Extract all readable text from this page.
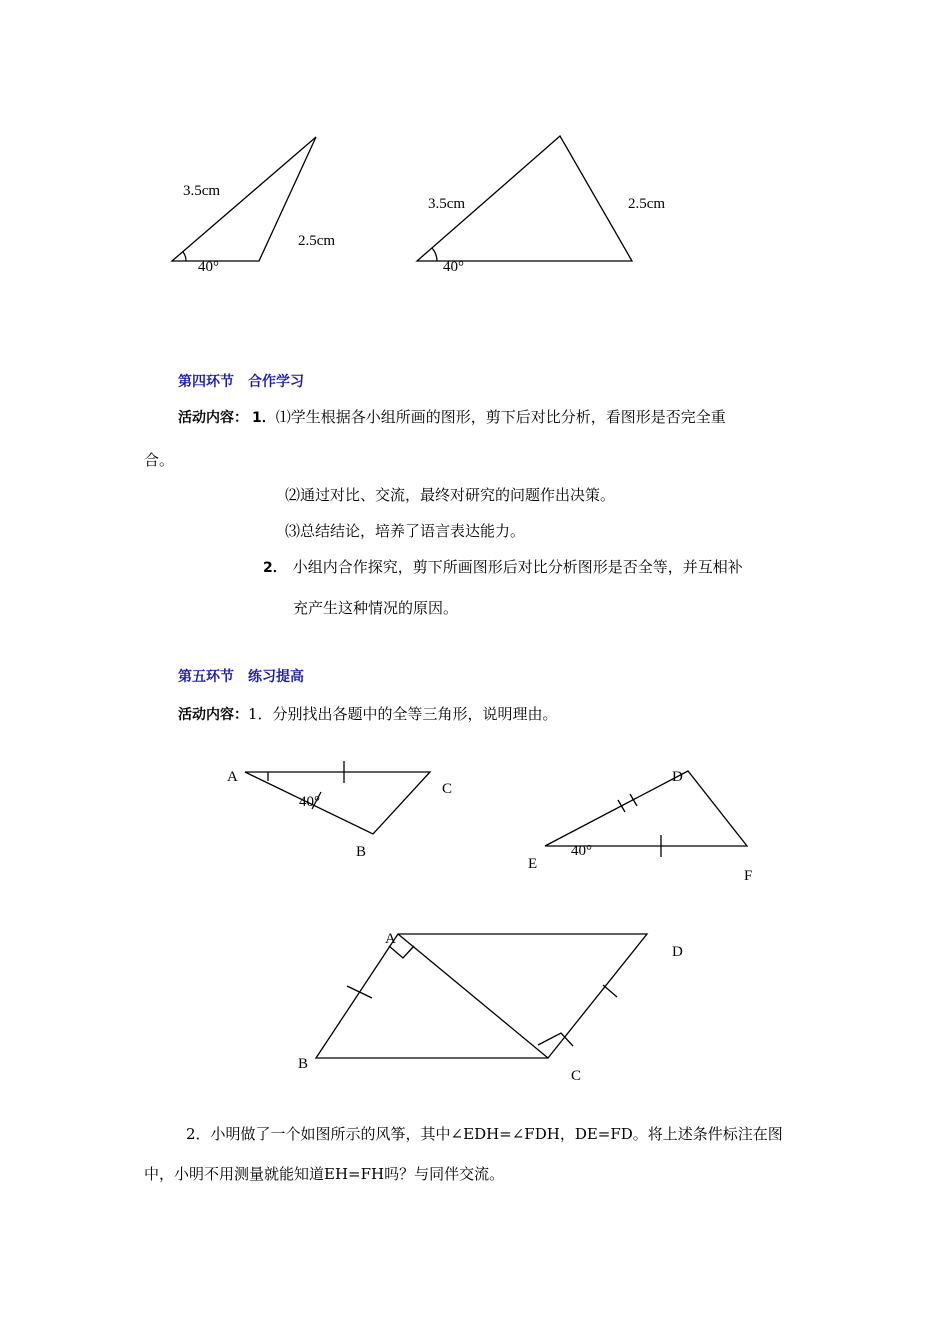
3.5cm
2.5cm
40°
3.5cm	2.5cm
40°
A
C
B
40°
D
E
F
40°
A
D
B
C
第四环节　合作学习
活动内容： 1．⑴学生根据各小组所画的图形，剪下后对比分析，看图形是否完全重
合。
⑵通过对比、交流，最终对研究的问题作出决策。
⑶总结结论，培养了语言表达能力。
2． 小组内合作探究，剪下所画图形后对比分析图形是否全等，并互相补
充产生这种情况的原因。
第五环节　练习提高
活动内容：1．分别找出各题中的全等三角形，说明理由。
2．小明做了一个如图所示的风筝，其中∠EDH=∠FDH，DE=FD。将上述条件标注在图
中，小明不用测量就能知道EH=FH吗？与同伴交流。
